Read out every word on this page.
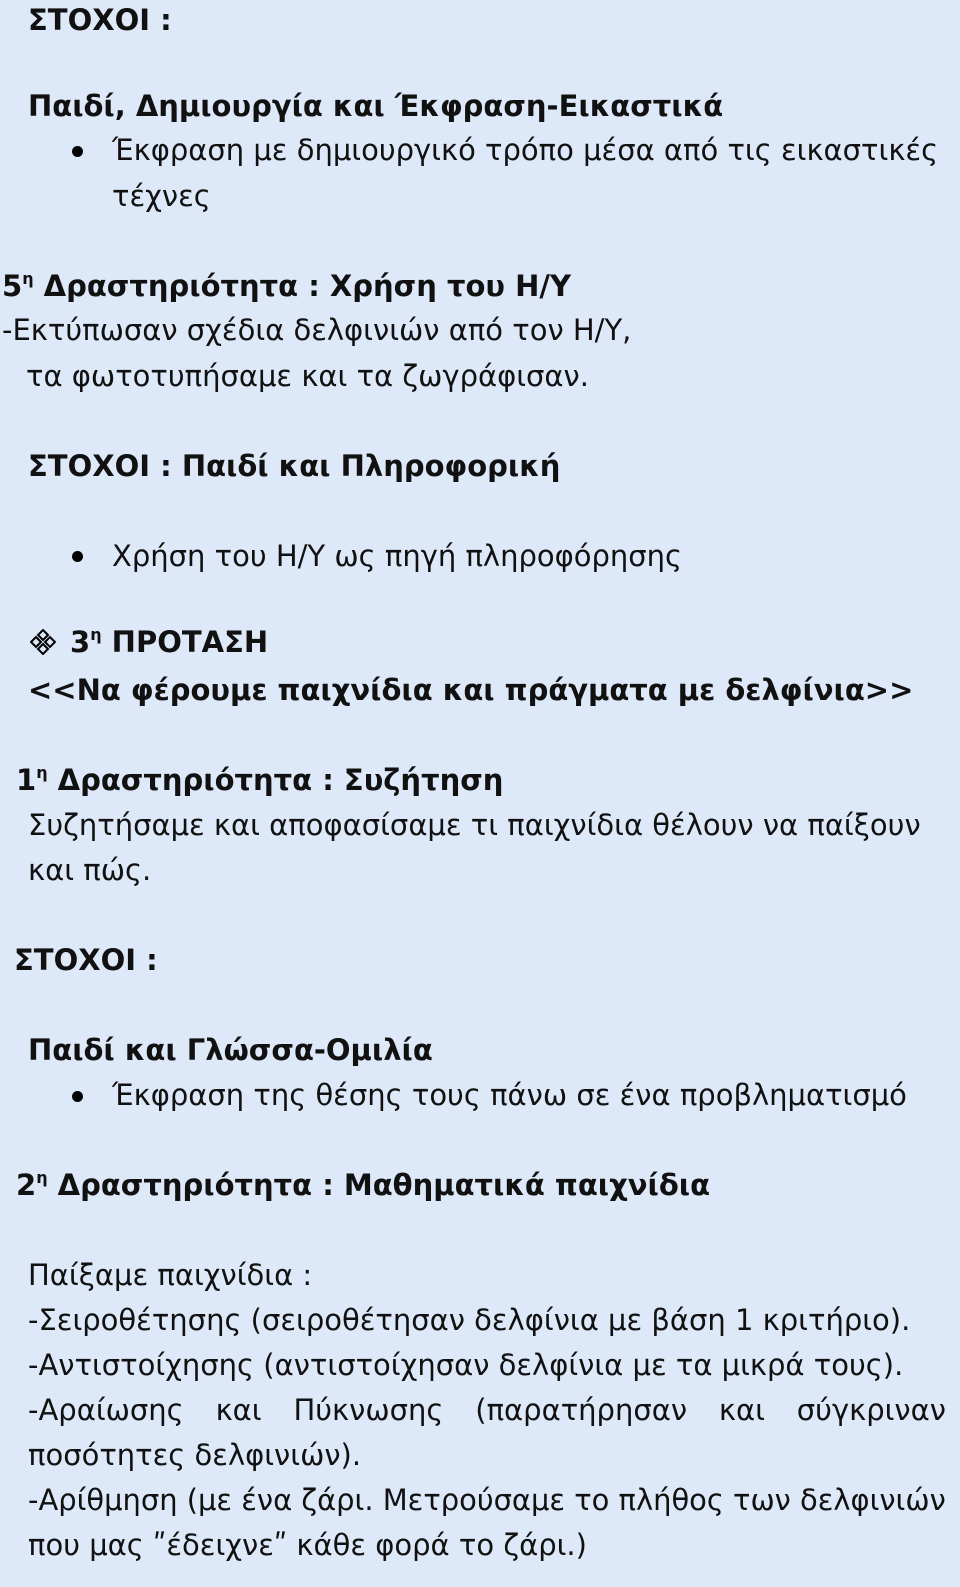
ΣΤΟΧΟΙ :
Παιδί, Δημιουργία και Έκφραση-Εικαστικά
Έκφραση με δημιουργικό τρόπο μέσα από τις εικαστικές
τέχνες
$5^\eta$ Δραστηριότητα : Χρήση του Η/Υ
-Εκτύπωσαν σχέδια δελφινιών από τον Η/Υ,
τα φωτοτυπήσαμε και τα ζωγράφισαν.
ΣΤΟΧΟΙ : Παιδί και Πληροφορική
Χρήση του Η/Υ ως πηγή πληροφόρησης
$3^\eta$ ΠΡΟΤΑΣΗ
<<Να φέρουμε παιχνίδια και πράγματα με δελφίνια>>
$1^\eta$ Δραστηριότητα : Συζήτηση
Συζητήσαμε και αποφασίσαμε τι παιχνίδια θέλουν να παίξουν
και πώς.
ΣΤΟΧΟΙ :
Παιδί και Γλώσσα-Ομιλία
Έκφραση της θέσης τους πάνω σε ένα προβληματισμό
$2^\eta$ Δραστηριότητα : Μαθηματικά παιχνίδια
Παίξαμε παιχνίδια :
-Σειροθέτησης (σειροθέτησαν δελφίνια με βάση 1 κριτήριο).
-Αντιστοίχησης (αντιστοίχησαν δελφίνια με τα μικρά τους).
-Αραίωσης και Πύκνωσης (παρατήρησαν και σύγκριναν
ποσότητες δελφινιών).
-Αρίθμηση (με ένα ζάρι. Μετρούσαμε το πλήθος των δελφινιών
που μας ʺέδειχνεʺ κάθε φορά το ζάρι.)
